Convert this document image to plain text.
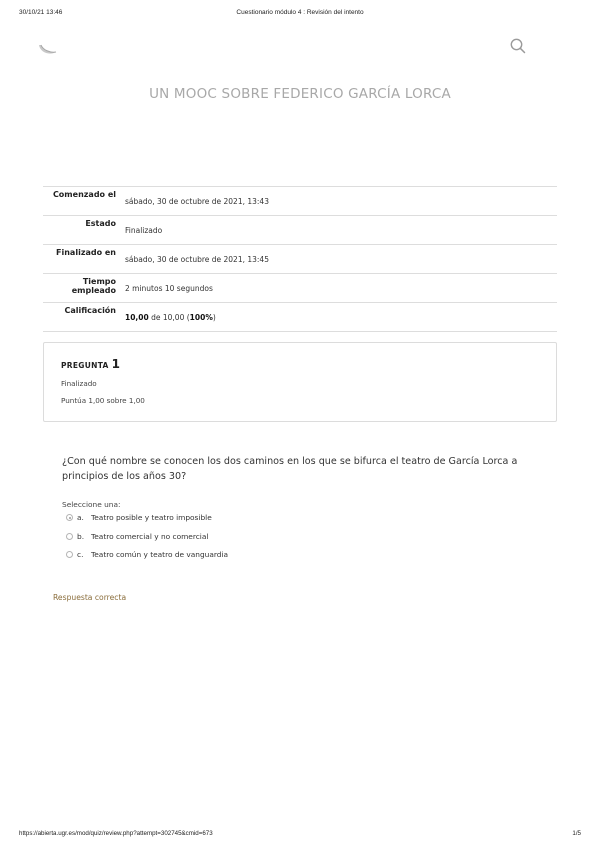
30/10/21 13:46	Cuestionario módulo 4 : Revisión del intento
UN MOOC SOBRE FEDERICO GARCÍA LORCA
Comenzado el	sábado, 30 de octubre de 2021, 13:43
Estado	Finalizado
Finalizado en	sábado, 30 de octubre de 2021, 13:45
Tiempo empleado	2 minutos 10 segundos
Calificación	10,00 de 10,00 (100%)
PREGUNTA 1
Finalizado
Puntúa 1,00 sobre 1,00
¿Con qué nombre se conocen los dos caminos en los que se bifurca el teatro de García Lorca a principios de los años 30?
Seleccione una:
a. Teatro posible y teatro imposible
b. Teatro comercial y no comercial
c. Teatro común y teatro de vanguardia
Respuesta correcta
https://abierta.ugr.es/mod/quiz/review.php?attempt=302745&cmid=673	1/5
